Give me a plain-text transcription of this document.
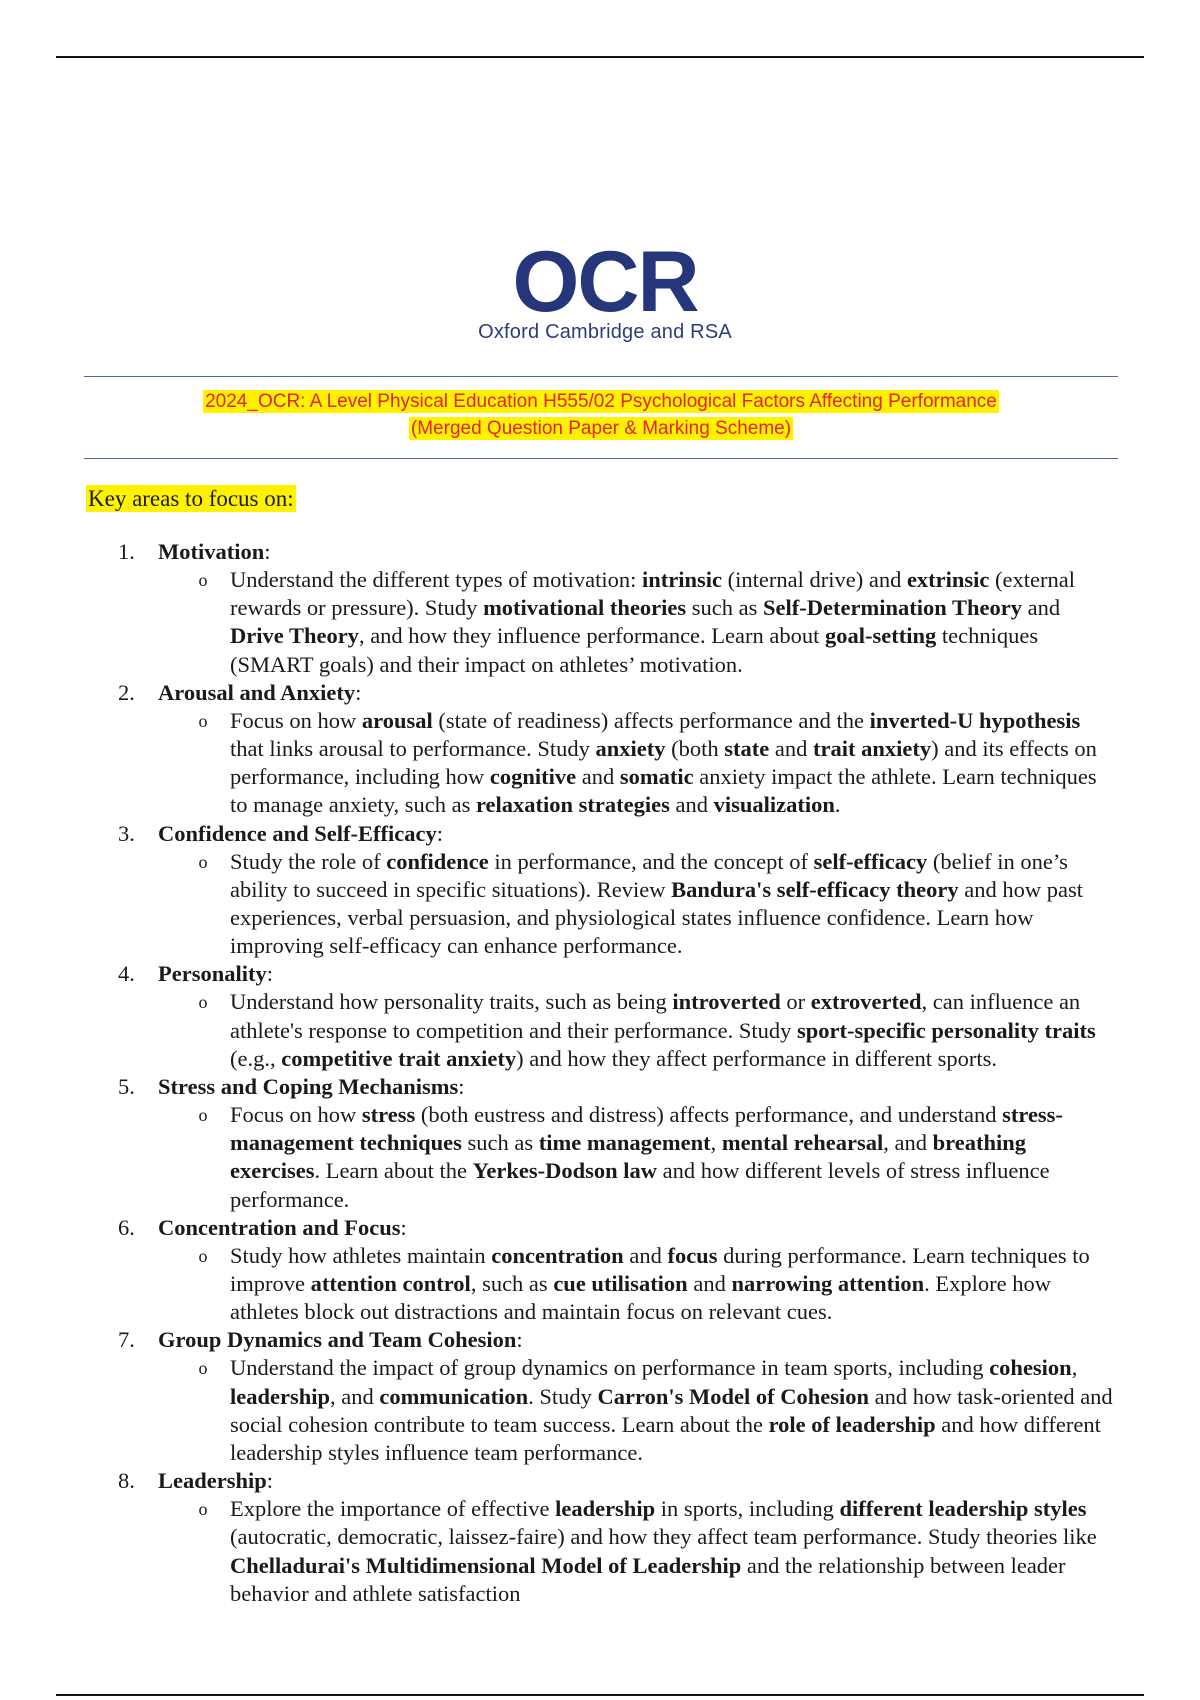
OCR
Oxford Cambridge and RSA
2024_OCR: A Level Physical Education H555/02 Psychological Factors Affecting Performance
(Merged Question Paper & Marking Scheme)
Key areas to focus on:
1.	Motivation:
o Understand the different types of motivation: intrinsic (internal drive) and extrinsic (external rewards or pressure). Study motivational theories such as Self-Determination Theory and Drive Theory, and how they influence performance. Learn about goal-setting techniques (SMART goals) and their impact on athletes’ motivation.

2.	Arousal and Anxiety:
o Focus on how arousal (state of readiness) affects performance and the inverted-U hypothesis that links arousal to performance. Study anxiety (both state and trait anxiety) and its effects on performance, including how cognitive and somatic anxiety impact the athlete. Learn techniques to manage anxiety, such as relaxation strategies and visualization.

3.	Confidence and Self-Efficacy:
o Study the role of confidence in performance, and the concept of self-efficacy (belief in one’s ability to succeed in specific situations). Review Bandura's self-efficacy theory and how past experiences, verbal persuasion, and physiological states influence confidence. Learn how improving self-efficacy can enhance performance.

4.	Personality:
o Understand how personality traits, such as being introverted or extroverted, can influence an athlete's response to competition and their performance. Study sport-specific personality traits (e.g., competitive trait anxiety) and how they affect performance in different sports.

5.	Stress and Coping Mechanisms:
o Focus on how stress (both eustress and distress) affects performance, and understand stress-management techniques such as time management, mental rehearsal, and breathing exercises. Learn about the Yerkes-Dodson law and how different levels of stress influence performance.

6.	Concentration and Focus:
o Study how athletes maintain concentration and focus during performance. Learn techniques to improve attention control, such as cue utilisation and narrowing attention. Explore how athletes block out distractions and maintain focus on relevant cues.

7.	Group Dynamics and Team Cohesion:
o Understand the impact of group dynamics on performance in team sports, including cohesion, leadership, and communication. Study Carron's Model of Cohesion and how task-oriented and social cohesion contribute to team success. Learn about the role of leadership and how different leadership styles influence team performance.

8.	Leadership:
o Explore the importance of effective leadership in sports, including different leadership styles (autocratic, democratic, laissez-faire) and how they affect team performance. Study theories like Chelladurai's Multidimensional Model of Leadership and the relationship between leader behavior and athlete satisfaction
